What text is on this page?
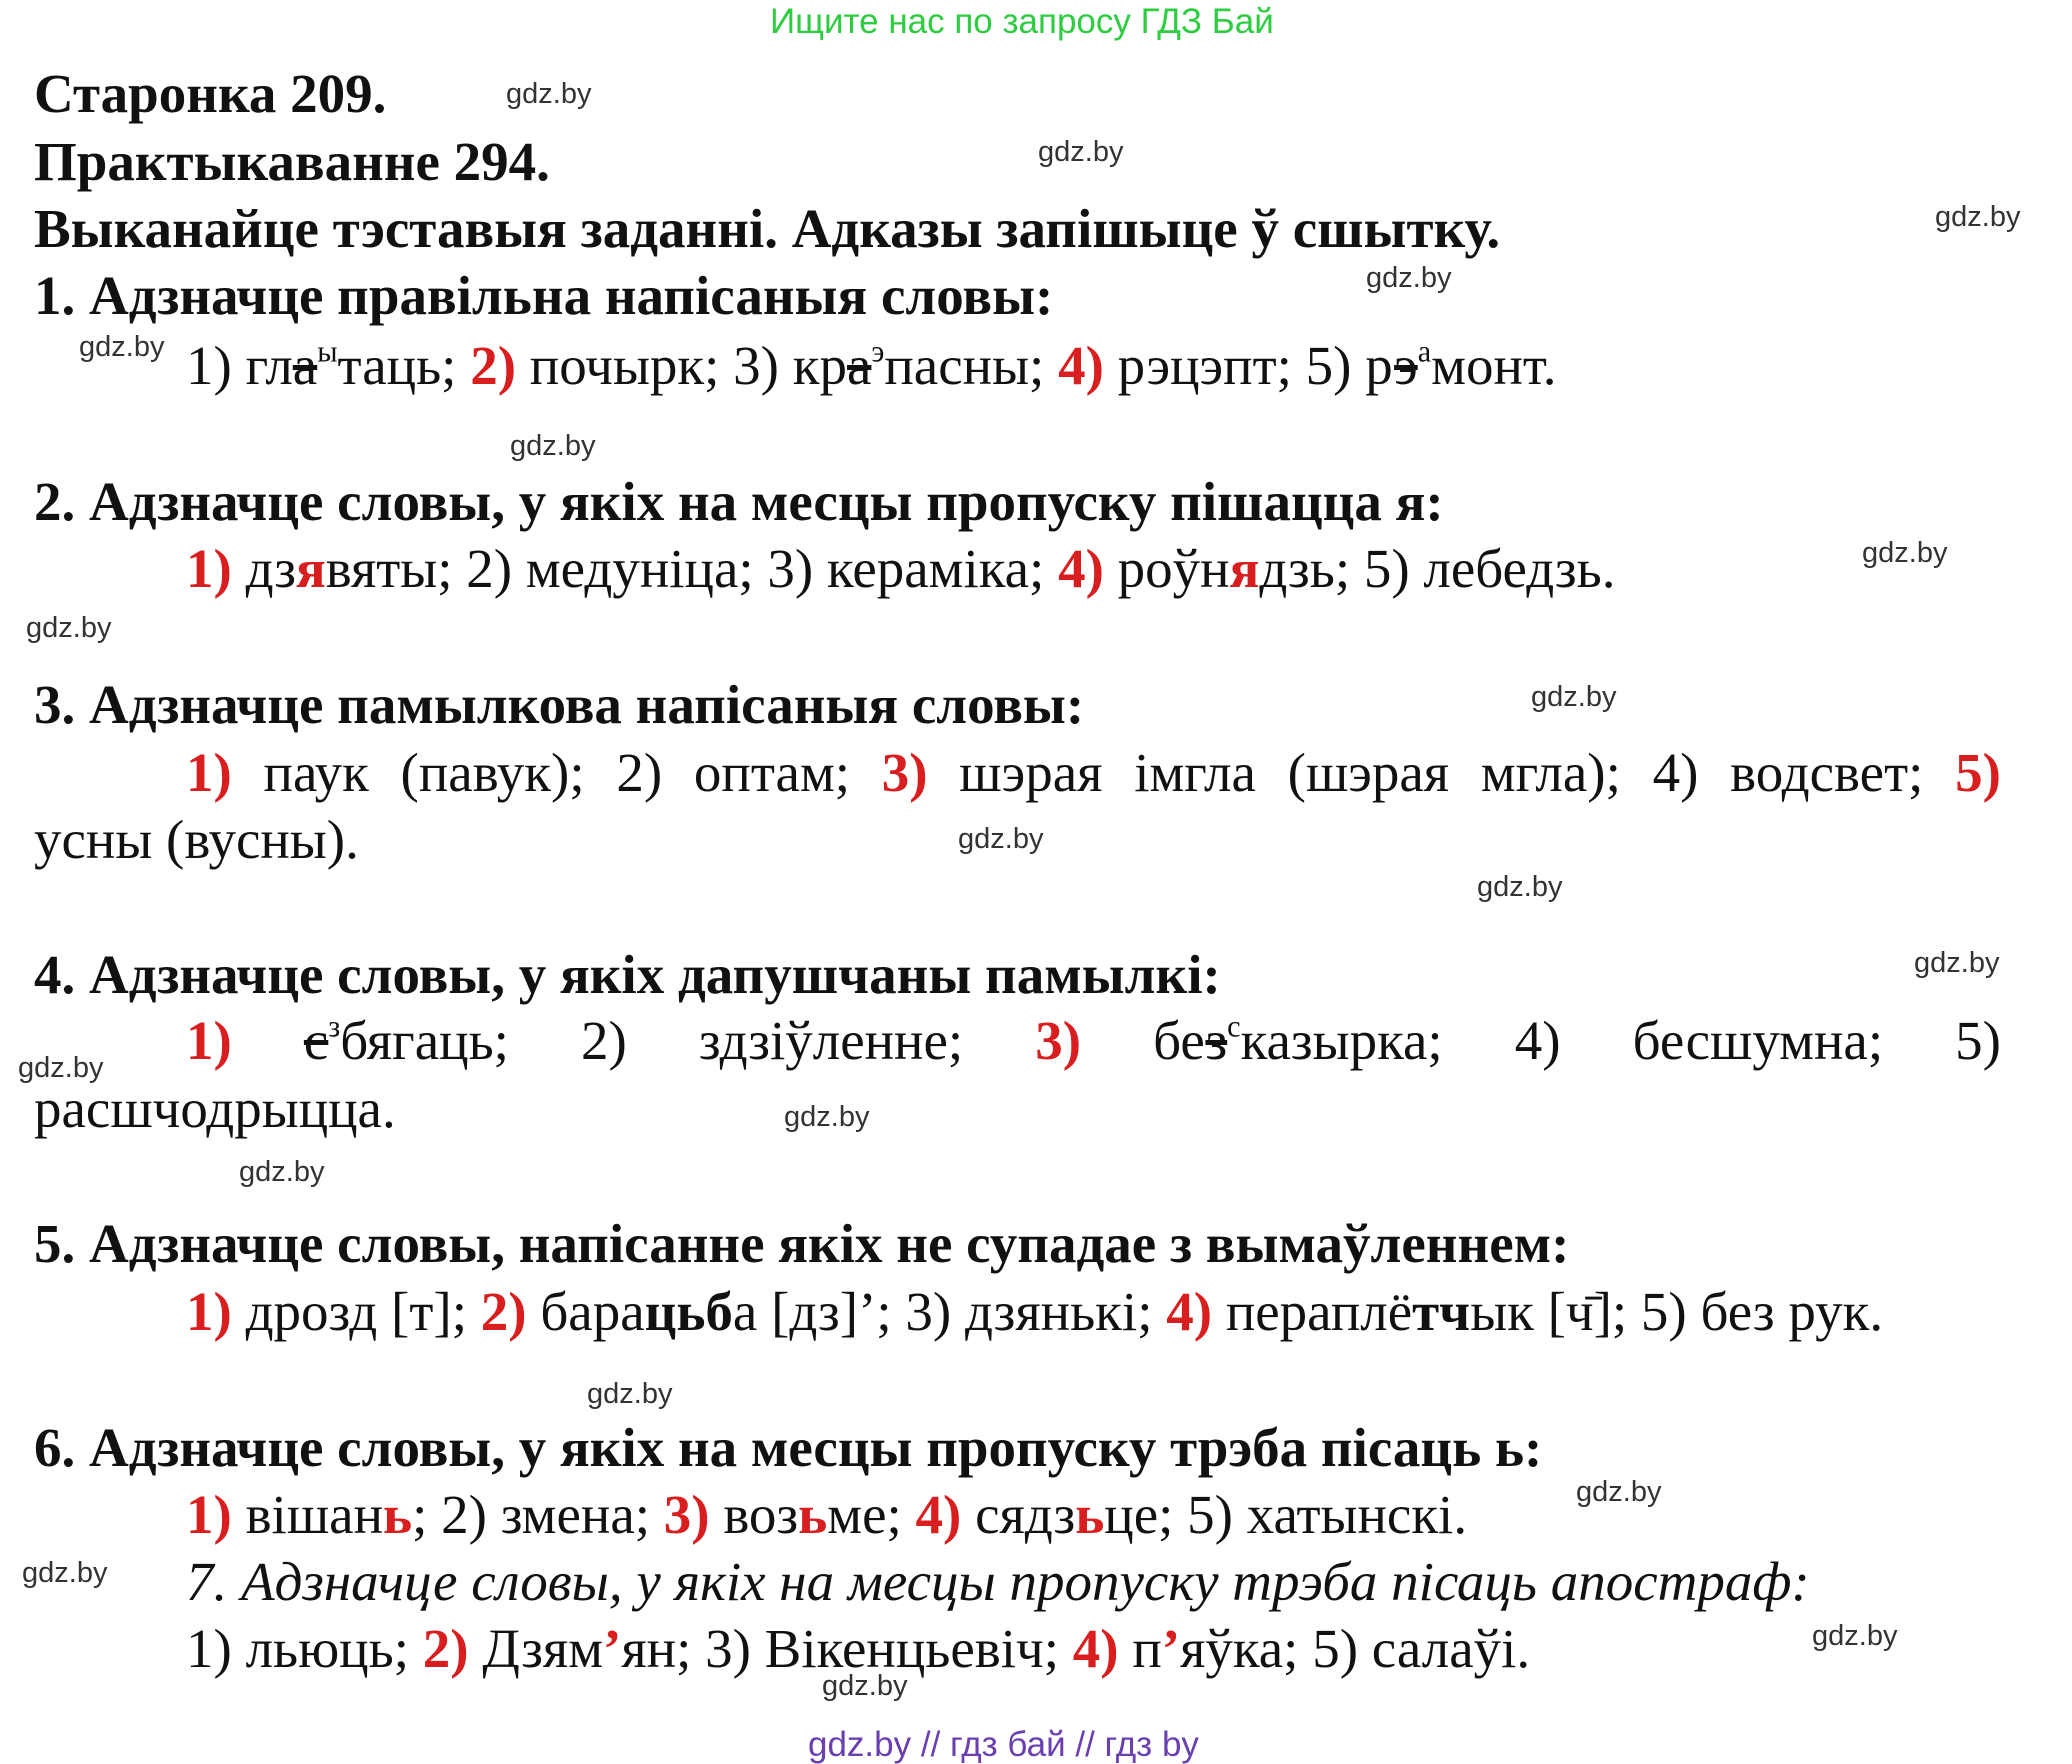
Ищите нас по запросу ГДЗ Бай
Старонка 209.
Практыкаванне 294.
Выканайце тэставыя заданні. Адказы запішыце ў сшытку.
1. Адзначце правільна напісаныя словы:
1) гла$^ы$таць; 2) почырк; 3) кра$^э$пасны; 4) рэцэпт; 5) $рэ^амонт$.
2. Адзначце словы, у якіх на месцы пропуску пішацца я:
1) дзявяты; 2) медуніца; 3) кераміка; 4) роўнядзь; 5) лебедзь.
3. Адзначце памылкова напісаныя словы:
1) паук (павук); 2) оптам; 3) шэрая імгла (шэрая мгла); 4) водсвет; 5)
усны (вусны).
4. Адзначце словы, у якіх дапушчаны памылкі:
1) $с^збягаць$; 2) здзіўленне; 3) без$^с$казырка; 4) бесшумна; 5)
расшчодрыцца.
5. Адзначце словы, напісанне якіх не супадае з вымаўленнем:
1) дрозд [т]; 2) барацьба [дз]’; 3) дзянькі; 4) пераплётчык [ч̄]; 5) без рук.
6. Адзначце словы, у якіх на месцы пропуску трэба пісаць ь:
1) вішань; 2) змена; 3) возьме; 4) сядзьце; 5) хатынскі.
7. Адзначце словы, у якіх на месцы пропуску трэба пісаць апостраф:
1) льюць; 2) Дзям’ян; 3) Вікенцьевіч; 4) п’яўка; 5) салаўі.
gdz.by // гдз бай // гдз by
gdz.by
gdz.by
gdz.by
gdz.by
gdz.by
gdz.by
gdz.by
gdz.by
gdz.by
gdz.by
gdz.by
gdz.by
gdz.by
gdz.by
gdz.by
gdz.by
gdz.by
gdz.by
gdz.by
gdz.by
